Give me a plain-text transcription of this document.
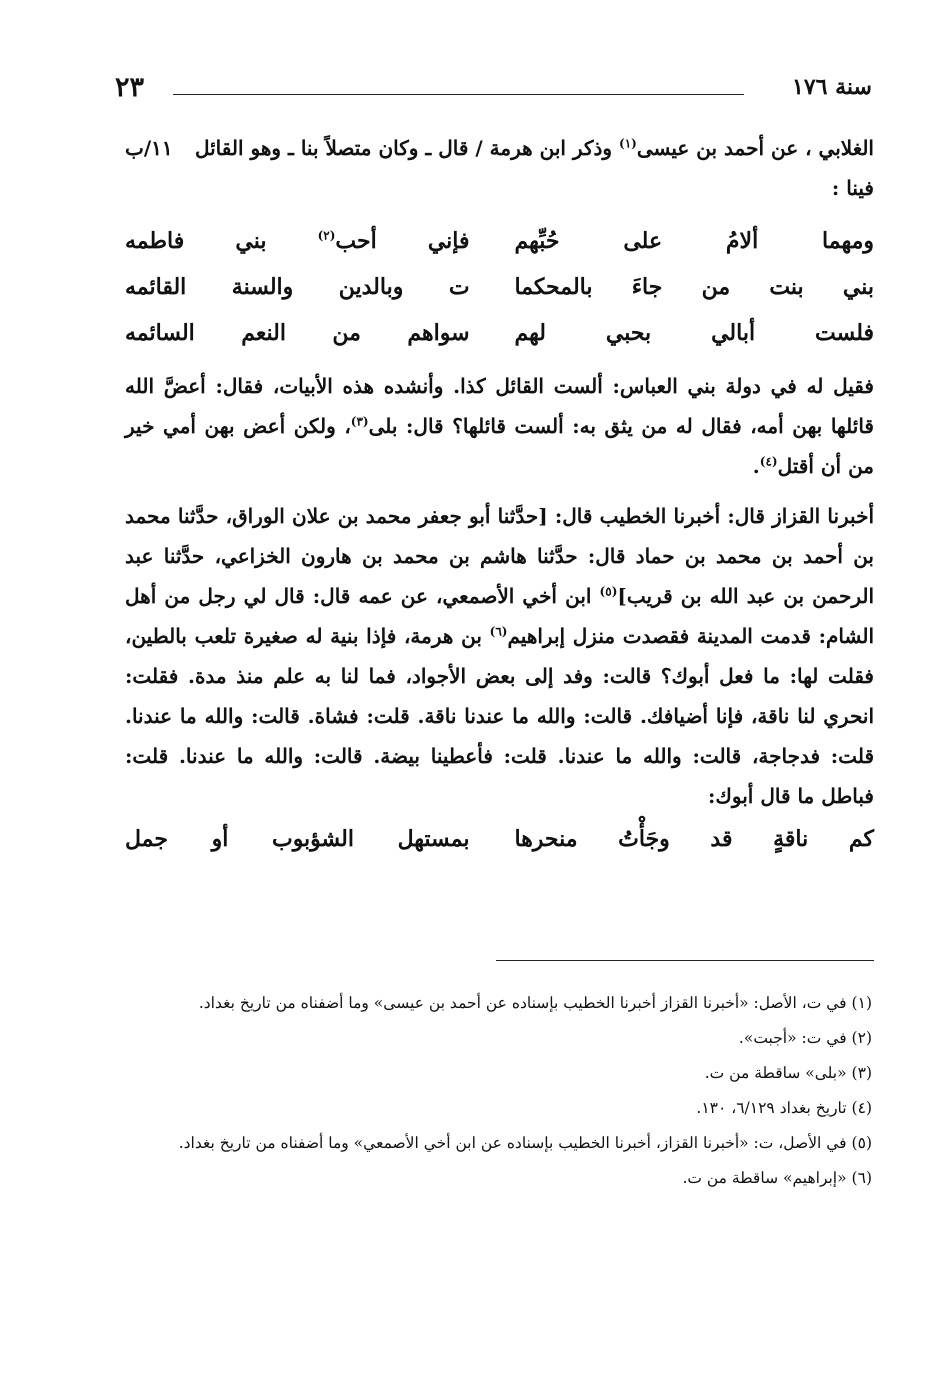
سنة ١٧٦
٢٣
الغلابي ، عن أحمد بن عيسى$^{(١)}$ وذكر ابن هرمة / قال ـ وكان متصلاً بنا ـ وهو القائل
١١/ب

فينا :

ومهما ألامُ على حُبِّهم
فإني أحب$^{(٢)}$ بني فاطمه
بني بنت من جاءَ بالمحكما
ت وبالدين والسنة القائمه
فلست أبالي بحبي لهم
سواهم من النعم السائمه

فقيل له في دولة بني العباس: ألست القائل كذا. وأنشده هذه الأبيات، فقال: أعضَّ الله قائلها بهن أمه، فقال له من يثق به: ألست قائلها؟ قال: بلى$^{(٣)}$، ولكن أعض بهن أمي خير من أن أقتل$^{(٤)}$.

أخبرنا القزاز قال: أخبرنا الخطيب قال: [حدَّثنا أبو جعفر محمد بن علان الوراق، حدَّثنا محمد بن أحمد بن محمد بن حماد قال: حدَّثنا هاشم بن محمد بن هارون الخزاعي، حدَّثنا عبد الرحمن بن عبد الله بن قريب]$^{(٥)}$ ابن أخي الأصمعي، عن عمه قال: قال لي رجل من أهل الشام: قدمت المدينة فقصدت منزل إبراهيم$^{(٦)}$ بن هرمة، فإذا بنية له صغيرة تلعب بالطين، فقلت لها: ما فعل أبوك؟ قالت: وفد إلى بعض الأجواد، فما لنا به علم منذ مدة. فقلت: انحري لنا ناقة، فإنا أضيافك. قالت: والله ما عندنا ناقة. قلت: فشاة. قالت: والله ما عندنا. قلت: فدجاجة، قالت: والله ما عندنا. قلت: فأعطينا بيضة. قالت: والله ما عندنا. قلت: فباطل ما قال أبوك:

كم ناقةٍ قد وجَأْتُ منحرها
بمستهل الشؤبوب أو جمل

(١) في ت، الأصل: «أخبرنا القزاز أخبرنا الخطيب بإسناده عن أحمد بن عيسى» وما أضفناه من تاريخ بغداد.

(٢) في ت: «أجبت».

(٣) «بلى» ساقطة من ت.

(٤) تاريخ بغداد ٦/١٢٩، ١٣٠.

(٥) في الأصل، ت: «أخبرنا القزاز، أخبرنا الخطيب بإسناده عن ابن أخي الأصمعي» وما أضفناه من تاريخ بغداد.

(٦) «إبراهيم» ساقطة من ت.
